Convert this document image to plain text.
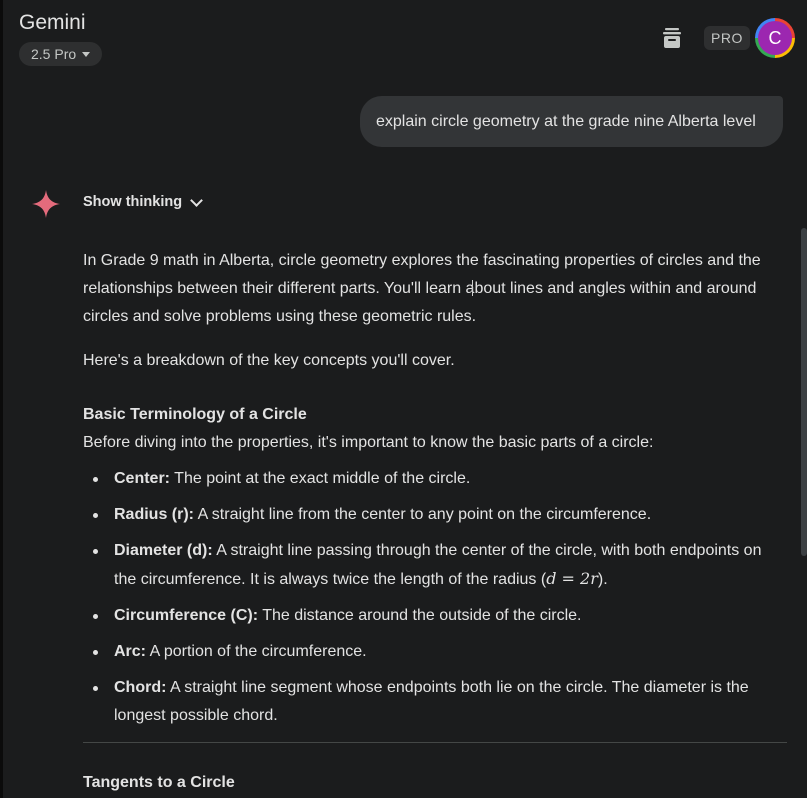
Gemini
2.5 Pro
PRO	C
explain circle geometry at the grade nine Alberta level
Show thinking

In Grade 9 math in Alberta, circle geometry explores the fascinating properties of circles and the relationships between their different parts. You'll learn about lines and angles within and around circles and solve problems using these geometric rules.

Here's a breakdown of the key concepts you'll cover.

Basic Terminology of a Circle

Before diving into the properties, it's important to know the basic parts of a circle:

Center: The point at the exact middle of the circle.
Radius (r): A straight line from the center to any point on the circumference.
Diameter (d): A straight line passing through the center of the circle, with both endpoints on the circumference. It is always twice the length of the radius (d = 2r).
Circumference (C): The distance around the outside of the circle.
Arc: A portion of the circumference.
Chord: A straight line segment whose endpoints both lie on the circle. The diameter is the longest possible chord.

Tangents to a Circle
